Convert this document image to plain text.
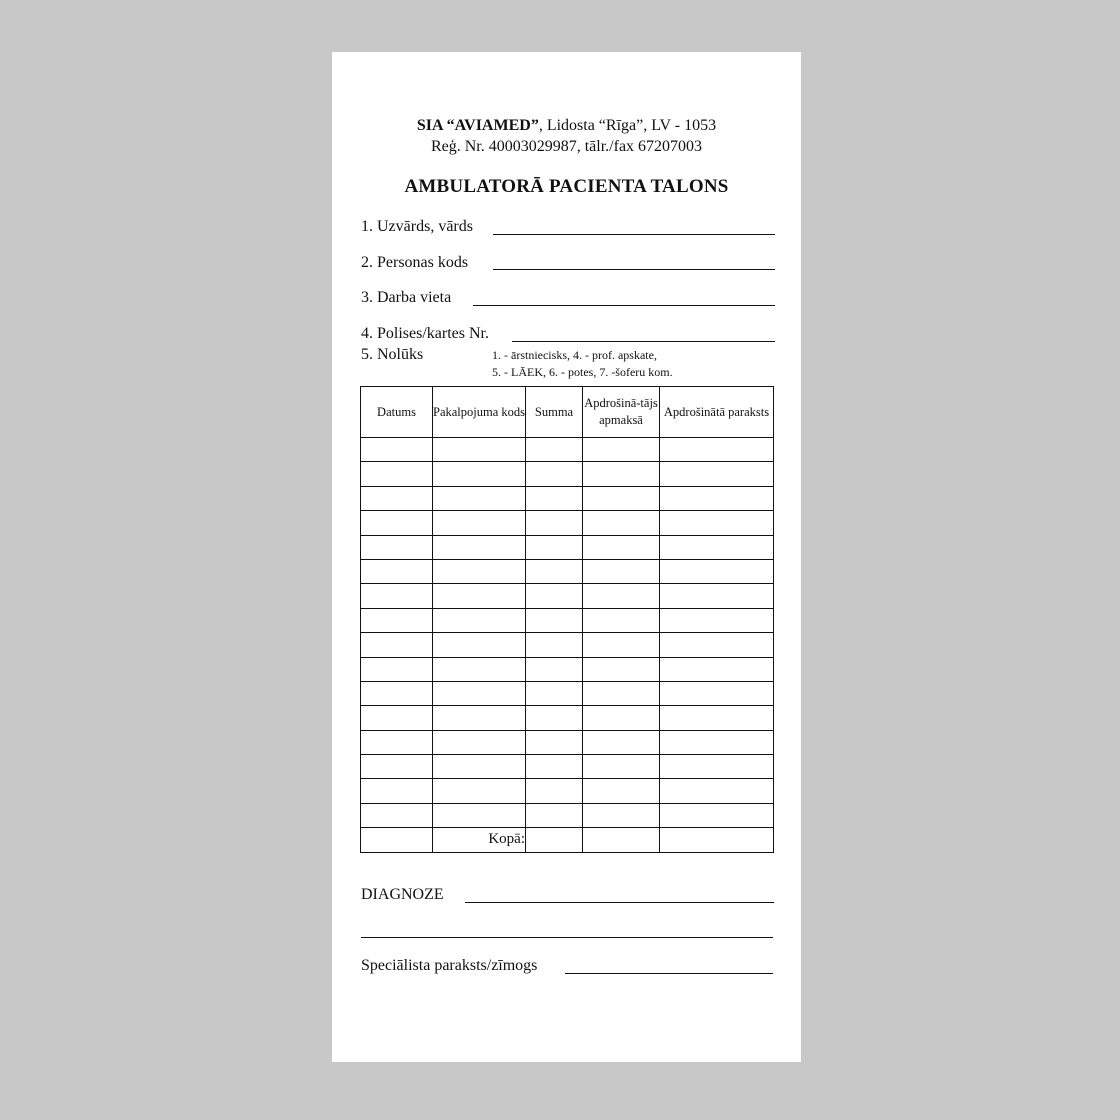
SIA “AVIAMED”, Lidosta “Rīga”, LV - 1053
Reģ. Nr. 40003029987, tālr./fax 67207003
AMBULATORĀ PACIENTA TALONS
1. Uzvārds, vārds
2. Personas kods
3. Darba vieta
4. Polises/kartes Nr.
5. Nolūks	1. - ārstniecisks, 4. - prof. apskate,
5. - LĀEK, 6. - potes, 7. -šoferu kom.
Datums	Pakalpojuma kods	Summa	Apdrošinā-tājs apmaksā	Apdrošinātā paraksts

	Kopā:			
DIAGNOZE
Speciālista paraksts/zīmogs
